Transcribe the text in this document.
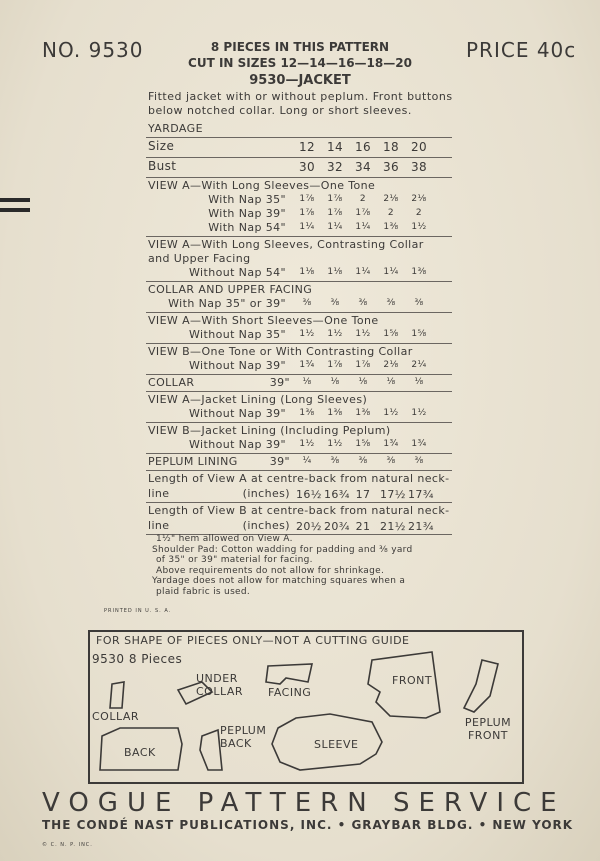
NO. 9530	PRICE 40c
8 PIECES IN THIS PATTERN
CUT IN SIZES 12—14—16—18—20
9530—JACKET
Fitted jacket with or without peplum. Front buttons
below notched collar. Long or short sleeves.
YARDAGE
Size	12 14 16 18 20
Bust	30 32 34 36 38
VIEW A—With Long Sleeves—One Tone
With Nap 35"	1⅞	1⅞	2	2⅛	2⅛
With Nap 39"	1⅞	1⅞	1⅞	2	2
With Nap 54"	1¼	1¼	1¼	1⅜	1½
VIEW A—With Long Sleeves, Contrasting Collar
and Upper Facing
Without Nap 54"	1⅛	1⅛	1¼	1¼	1⅜
COLLAR AND UPPER FACING
With Nap 35" or 39"	⅜	⅜	⅜	⅜	⅜
VIEW A—With Short Sleeves—One Tone
Without Nap 35"	1½	1½	1½	1⅝	1⅝
VIEW B—One Tone or With Contrasting Collar
Without Nap 39"	1¾	1⅞	1⅞	2⅛	2¼
COLLAR	39"	⅛	⅛	⅛	⅛	⅛
VIEW A—Jacket Lining (Long Sleeves)
Without Nap 39"	1⅜	1⅜	1⅜	1½	1½
VIEW B—Jacket Lining (Including Peplum)
Without Nap 39"	1½	1½	1⅝	1¾	1¾
PEPLUM LINING	39"	¼	⅜	⅜	⅜	⅜
Length of View A at centre-back from natural neck-
line	(inches) 16½ 16¾ 17 17½ 17¾
Length of View B at centre-back from natural neck-
line	(inches) 20½ 20¾ 21 21½ 21¾
1½" hem allowed on View A.
Shoulder Pad: Cotton wadding for padding and ⅜ yard
of 35" or 39" material for facing.
Above requirements do not allow for shrinkage.
Yardage does not allow for matching squares when a
plaid fabric is used.
PRINTED IN U. S. A.
FOR SHAPE OF PIECES ONLY—NOT A CUTTING GUIDE
9530 8 Pieces
COLLAR
UNDER COLLAR	FACING
FRONT
PEPLUM FRONT
BACK
PEPLUM BACK	SLEEVE
VOGUE PATTERN SERVICE
THE CONDÉ NAST PUBLICATIONS, INC. • GRAYBAR BLDG. • NEW YORK
© C. N. P. INC.
